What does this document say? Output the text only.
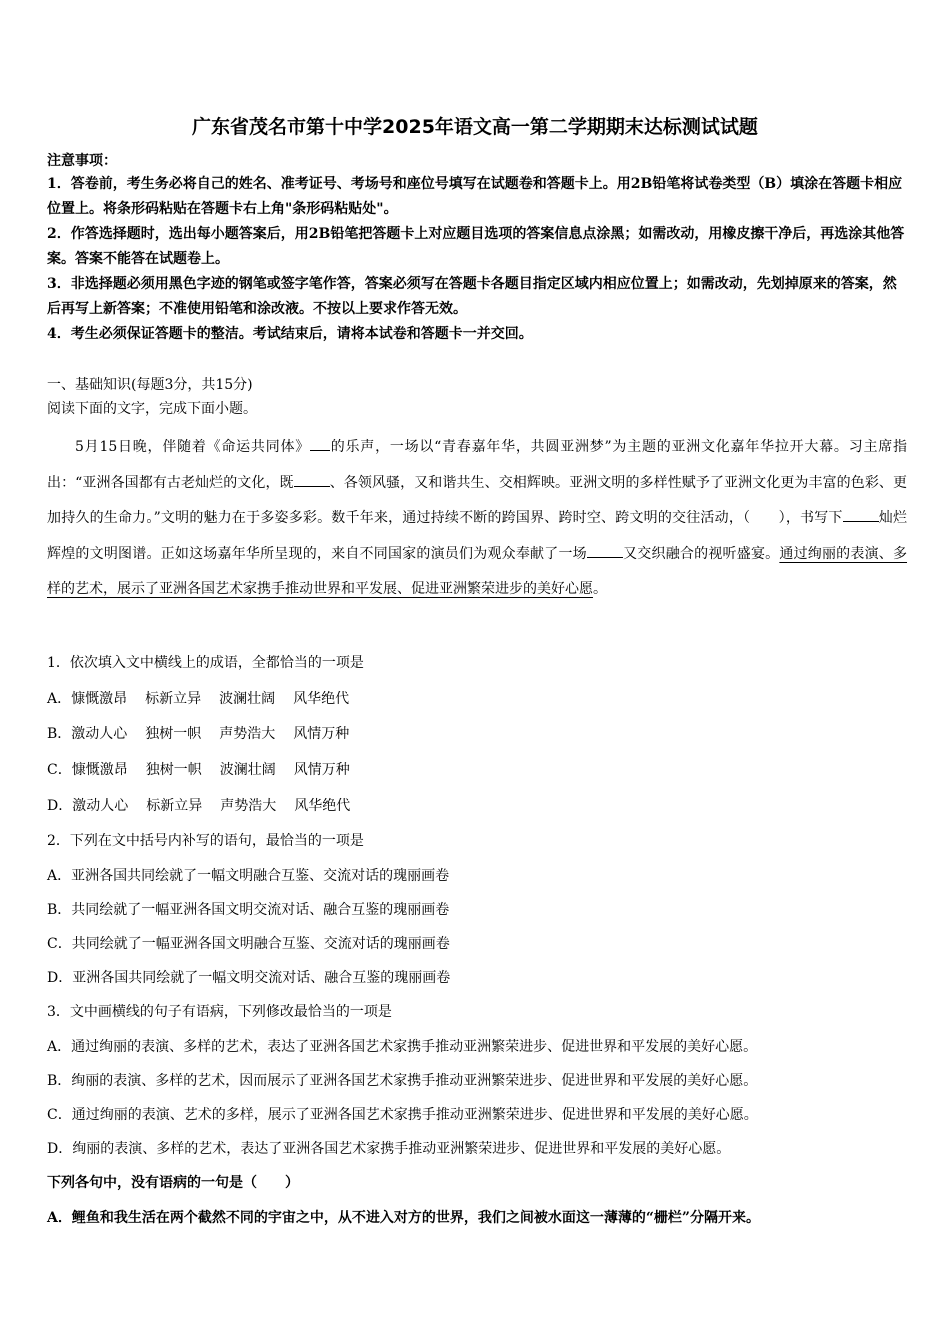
广东省茂名市第十中学2025年语文高一第二学期期末达标测试试题
注意事项：

1．答卷前，考生务必将自己的姓名、准考证号、考场号和座位号填写在试题卷和答题卡上。用2B铅笔将试卷类型（B）填涂在答题卡相应位置上。将条形码粘贴在答题卡右上角"条形码粘贴处"。

2．作答选择题时，选出每小题答案后，用2B铅笔把答题卡上对应题目选项的答案信息点涂黑；如需改动，用橡皮擦干净后，再选涂其他答案。答案不能答在试题卷上。

3．非选择题必须用黑色字迹的钢笔或签字笔作答，答案必须写在答题卡各题目指定区域内相应位置上；如需改动，先划掉原来的答案，然后再写上新答案；不准使用铅笔和涂改液。不按以上要求作答无效。

4．考生必须保证答题卡的整洁。考试结束后，请将本试卷和答题卡一并交回。

一、基础知识(每题3分，共15分)
阅读下面的文字，完成下面小题。
5月15日晚，伴随着《命运共同体》 的乐声，一场以“青春嘉年华，共圆亚洲梦”为主题的亚洲文化嘉年华拉开大幕。习主席指出：“亚洲各国都有古老灿烂的文化，既	、各领风骚，又和谐共生、交相辉映。亚洲文明的多样性赋予了亚洲文化更为丰富的色彩、更加持久的生命力。”文明的魅力在于多姿多彩。数千年来，通过持续不断的跨国界、跨时空、跨文明的交往活动，（　　），书写下	灿烂辉煌的文明图谱。正如这场嘉年华所呈现的，来自不同国家的演员们为观众奉献了一场	又交织融合的视听盛宴。通过绚丽的表演、多样的艺术，展示了亚洲各国艺术家携手推动世界和平发展、促进亚洲繁荣进步的美好心愿。
1．依次填入文中横线上的成语，全都恰当的一项是
A．慷慨激昂 标新立异 波澜壮阔 风华绝代
B．激动人心 独树一帜 声势浩大 风情万种
C．慷慨激昂 独树一帜 波澜壮阔 风情万种
D．激动人心 标新立异 声势浩大 风华绝代
2．下列在文中括号内补写的语句，最恰当的一项是
A．亚洲各国共同绘就了一幅文明融合互鉴、交流对话的瑰丽画卷
B．共同绘就了一幅亚洲各国文明交流对话、融合互鉴的瑰丽画卷
C．共同绘就了一幅亚洲各国文明融合互鉴、交流对话的瑰丽画卷
D．亚洲各国共同绘就了一幅文明交流对话、融合互鉴的瑰丽画卷
3．文中画横线的句子有语病，下列修改最恰当的一项是
A．通过绚丽的表演、多样的艺术，表达了亚洲各国艺术家携手推动亚洲繁荣进步、促进世界和平发展的美好心愿。
B．绚丽的表演、多样的艺术，因而展示了亚洲各国艺术家携手推动亚洲繁荣进步、促进世界和平发展的美好心愿。
C．通过绚丽的表演、艺术的多样，展示了亚洲各国艺术家携手推动亚洲繁荣进步、促进世界和平发展的美好心愿。
D．绚丽的表演、多样的艺术，表达了亚洲各国艺术家携手推动亚洲繁荣进步、促进世界和平发展的美好心愿。
下列各句中，没有语病的一句是（　　）
A．鲤鱼和我生活在两个截然不同的宇宙之中，从不进入对方的世界，我们之间被水面这一薄薄的“栅栏”分隔开来。
